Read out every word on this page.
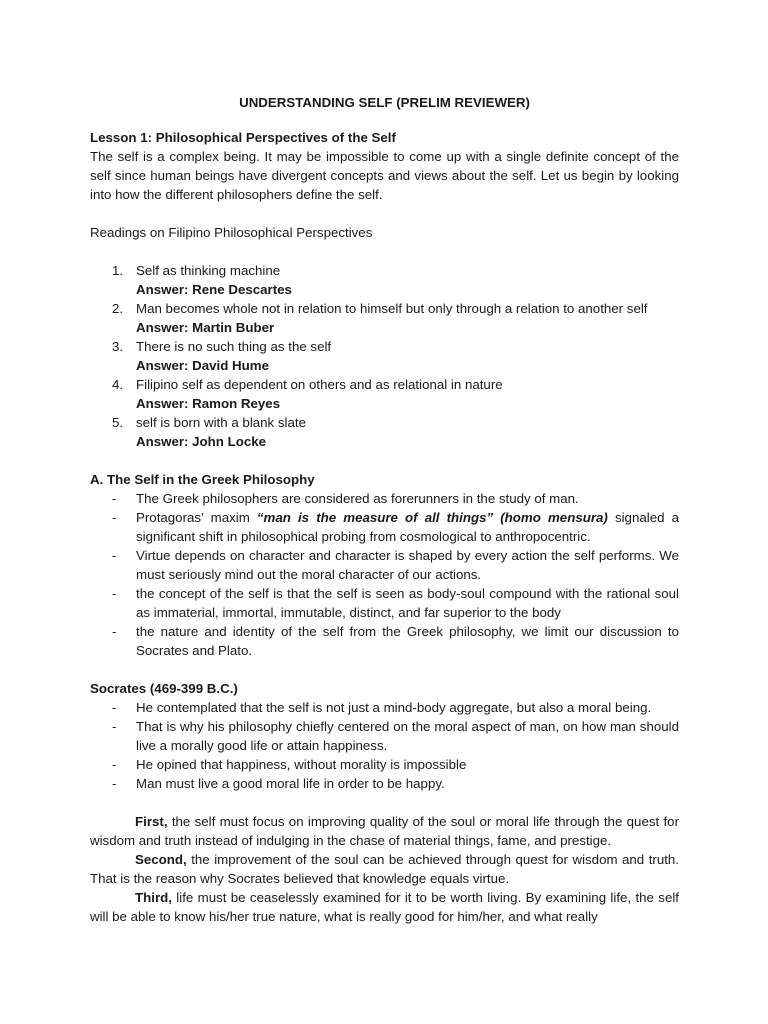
UNDERSTANDING SELF (PRELIM REVIEWER)

Lesson 1: Philosophical Perspectives of the Self

The self is a complex being. It may be impossible to come up with a single definite concept of the self since human beings have divergent concepts and views about the self. Let us begin by looking into how the different philosophers define the self.

Readings on Filipino Philosophical Perspectives

1. Self as thinking machine
Answer: Rene Descartes
2. Man becomes whole not in relation to himself but only through a relation to another self
Answer: Martin Buber
3. There is no such thing as the self
Answer: David Hume
4. Filipino self as dependent on others and as relational in nature
Answer: Ramon Reyes
5. self is born with a blank slate
Answer: John Locke

A. The Self in the Greek Philosophy

- The Greek philosophers are considered as forerunners in the study of man.
- Protagoras’ maxim “man is the measure of all things” (homo mensura) signaled a significant shift in philosophical probing from cosmological to anthropocentric.
- Virtue depends on character and character is shaped by every action the self performs. We must seriously mind out the moral character of our actions.
- the concept of the self is that the self is seen as body-soul compound with the rational soul as immaterial, immortal, immutable, distinct, and far superior to the body
- the nature and identity of the self from the Greek philosophy, we limit our discussion to Socrates and Plato.

Socrates (469-399 B.C.)

- He contemplated that the self is not just a mind-body aggregate, but also a moral being.
- That is why his philosophy chiefly centered on the moral aspect of man, on how man should live a morally good life or attain happiness.
- He opined that happiness, without morality is impossible
- Man must live a good moral life in order to be happy.

First, the self must focus on improving quality of the soul or moral life through the quest for wisdom and truth instead of indulging in the chase of material things, fame, and prestige.

Second, the improvement of the soul can be achieved through quest for wisdom and truth. That is the reason why Socrates believed that knowledge equals virtue.

Third, life must be ceaselessly examined for it to be worth living. By examining life, the self will be able to know his/her true nature, what is really good for him/her, and what really
